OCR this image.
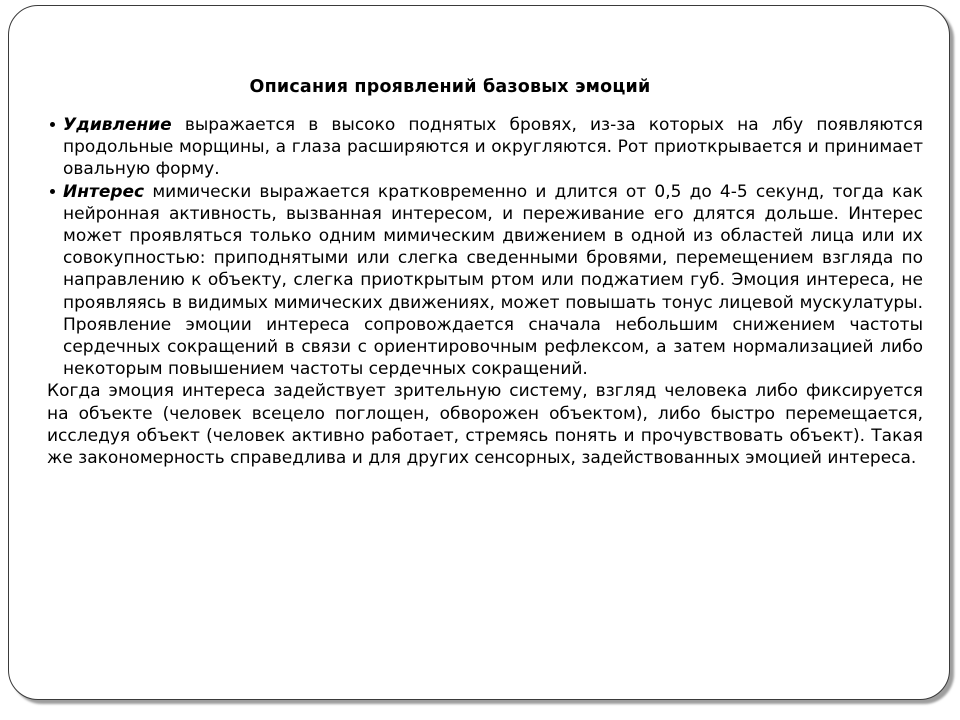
Описания проявлений базовых эмоций
Удивление выражается в высоко поднятых бровях, из-за которых на лбу появляются продольные морщины, а глаза расширяются и округляются. Рот приоткрывается и принимает овальную форму.
Интерес мимически выражается кратковременно и длится от 0,5 до 4-5 секунд, тогда как нейронная активность, вызванная интересом, и переживание его длятся дольше. Интерес может проявляться только одним мимическим движением в одной из областей лица или их совокупностью: приподнятыми или слегка сведенными бровями, перемещением взгляда по направлению к объекту, слегка приоткрытым ртом или поджатием губ. Эмоция интереса, не проявляясь в видимых мимических движениях, может повышать тонус лицевой мускулатуры. Проявление эмоции интереса сопровождается сначала небольшим снижением частоты сердечных сокращений в связи с ориентировочным рефлексом, а затем нормализацией либо некоторым повышением частоты сердечных сокращений.

Когда эмоция интереса задействует зрительную систему, взгляд человека либо фиксируется на объекте (человек всецело поглощен, обворожен объектом), либо быстро перемещается, исследуя объект (человек активно работает, стремясь понять и прочувствовать объект). Такая же закономерность справедлива и для других сенсорных, задействованных эмоцией интереса.
